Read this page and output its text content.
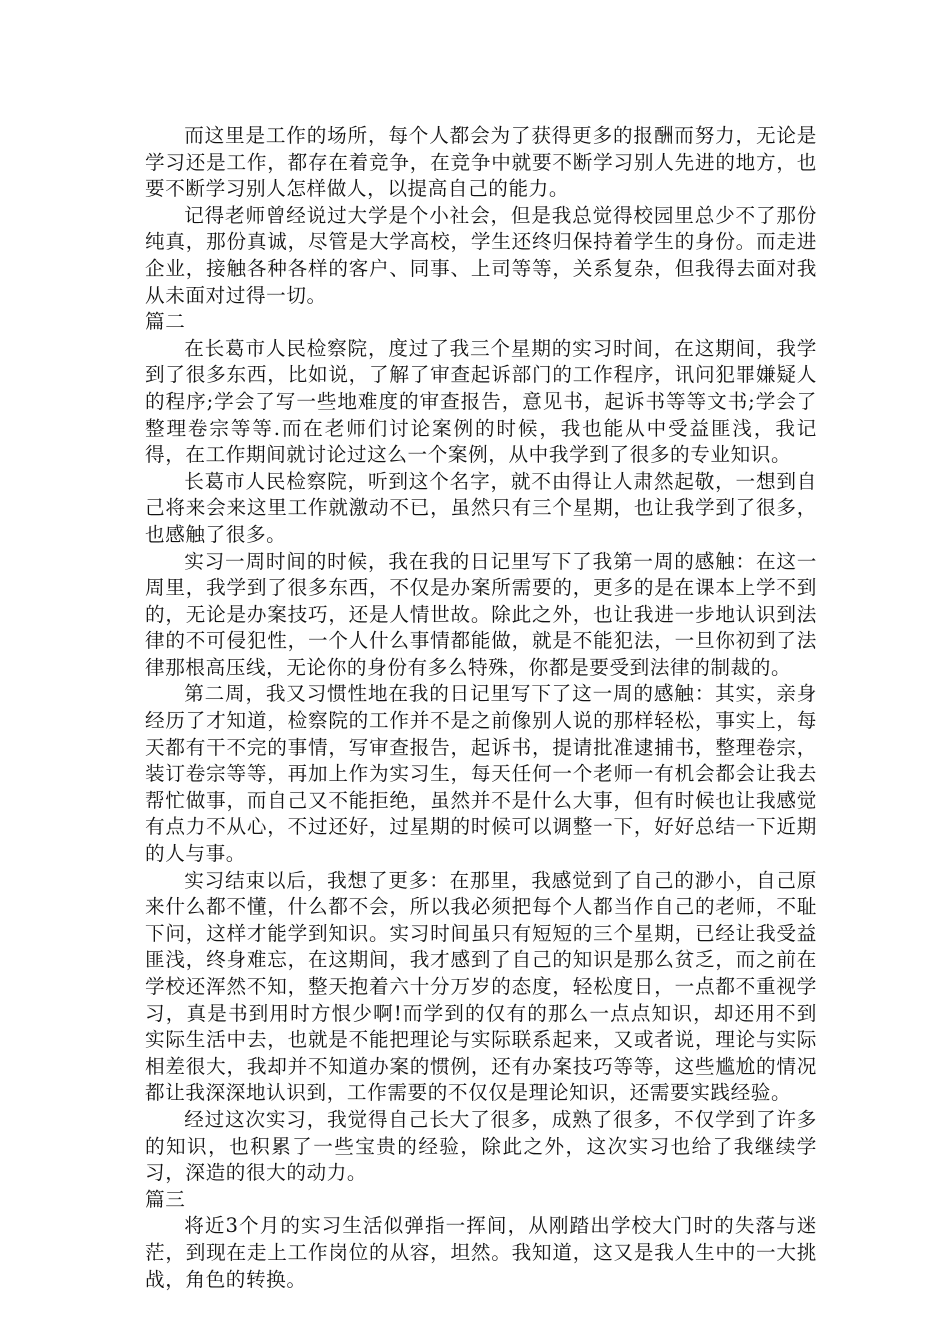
而这里是工作的场所，每个人都会为了获得更多的报酬而努力，无论是学习还是工作，都存在着竞争，在竞争中就要不断学习别人先进的地方，也要不断学习别人怎样做人，以提高自己的能力。

记得老师曾经说过大学是个小社会，但是我总觉得校园里总少不了那份纯真，那份真诚，尽管是大学高校，学生还终归保持着学生的身份。而走进企业，接触各种各样的客户、同事、上司等等，关系复杂，但我得去面对我从未面对过得一切。

篇二

在长葛市人民检察院，度过了我三个星期的实习时间，在这期间，我学到了很多东西，比如说，了解了审查起诉部门的工作程序，讯问犯罪嫌疑人的程序;学会了写一些地难度的审查报告，意见书，起诉书等等文书;学会了整理卷宗等等.而在老师们讨论案例的时候，我也能从中受益匪浅，我记得，在工作期间就讨论过这么一个案例，从中我学到了很多的专业知识。

长葛市人民检察院，听到这个名字，就不由得让人肃然起敬，一想到自己将来会来这里工作就激动不已，虽然只有三个星期，也让我学到了很多，也感触了很多。

实习一周时间的时候，我在我的日记里写下了我第一周的感触：在这一周里，我学到了很多东西，不仅是办案所需要的，更多的是在课本上学不到的，无论是办案技巧，还是人情世故。除此之外，也让我进一步地认识到法律的不可侵犯性，一个人什么事情都能做，就是不能犯法，一旦你初到了法律那根高压线，无论你的身份有多么特殊，你都是要受到法律的制裁的。

第二周，我又习惯性地在我的日记里写下了这一周的感触：其实，亲身经历了才知道，检察院的工作并不是之前像别人说的那样轻松，事实上，每天都有干不完的事情，写审查报告，起诉书，提请批准逮捕书，整理卷宗，装订卷宗等等，再加上作为实习生，每天任何一个老师一有机会都会让我去帮忙做事，而自己又不能拒绝，虽然并不是什么大事，但有时候也让我感觉有点力不从心，不过还好，过星期的时候可以调整一下，好好总结一下近期的人与事。

实习结束以后，我想了更多：在那里，我感觉到了自己的渺小，自己原来什么都不懂，什么都不会，所以我必须把每个人都当作自己的老师，不耻下问，这样才能学到知识。实习时间虽只有短短的三个星期，已经让我受益匪浅，终身难忘，在这期间，我才感到了自己的知识是那么贫乏，而之前在学校还浑然不知，整天抱着六十分万岁的态度，轻松度日，一点都不重视学习，真是书到用时方恨少啊!而学到的仅有的那么一点点知识，却还用不到实际生活中去，也就是不能把理论与实际联系起来，又或者说，理论与实际相差很大，我却并不知道办案的惯例，还有办案技巧等等，这些尴尬的情况都让我深深地认识到，工作需要的不仅仅是理论知识，还需要实践经验。

经过这次实习，我觉得自己长大了很多，成熟了很多，不仅学到了许多的知识，也积累了一些宝贵的经验，除此之外，这次实习也给了我继续学习，深造的很大的动力。

篇三

将近3个月的实习生活似弹指一挥间，从刚踏出学校大门时的失落与迷茫，到现在走上工作岗位的从容，坦然。我知道，这又是我人生中的一大挑战，角色的转换。
